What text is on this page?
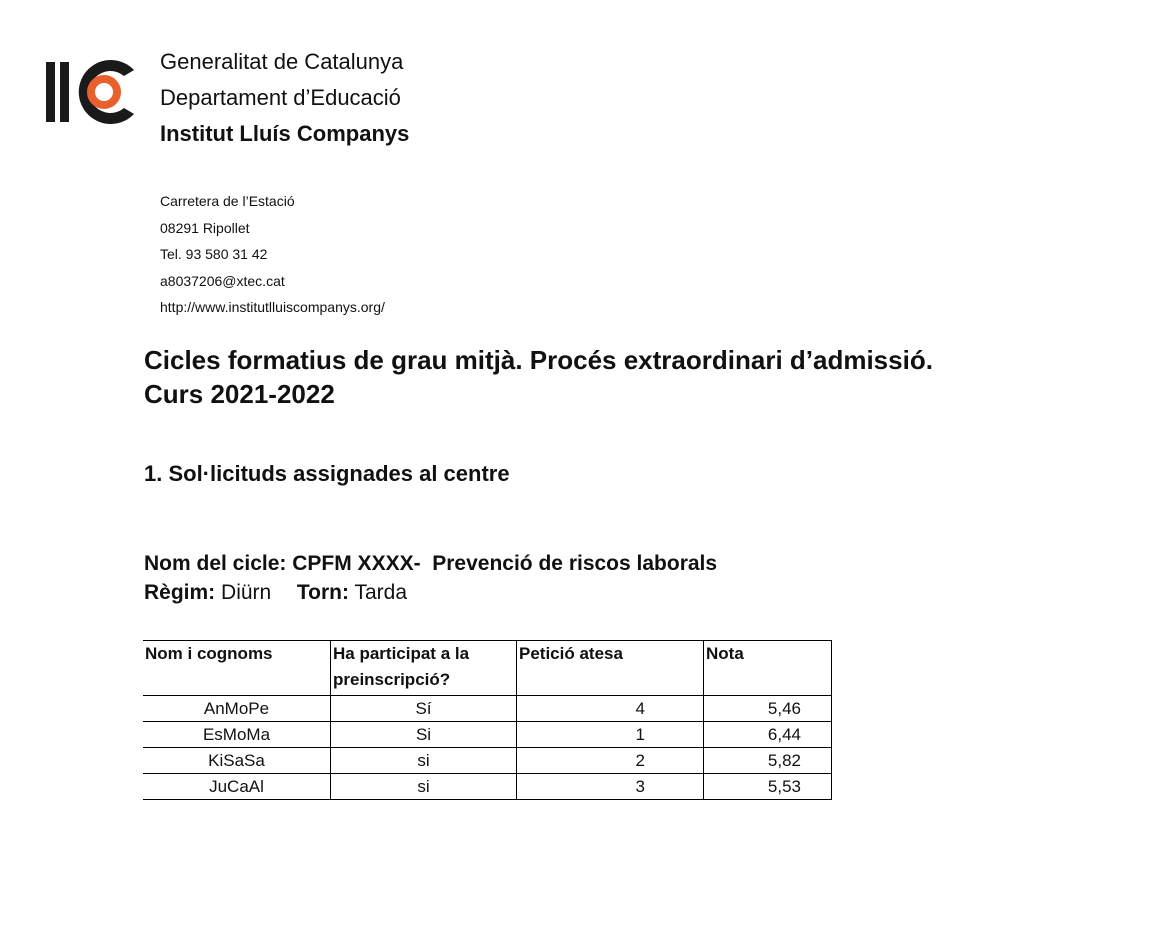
Generalitat de Catalunya
Departament d’Educació
Institut Lluís Companys
Carretera de l’Estació
08291 Ripollet
Tel. 93 580 31 42
a8037206@xtec.cat
http://www.institutlluiscompanys.org/
Cicles formatius de grau mitjà. Procés extraordinari d’admissió.
Curs 2021-2022
1. Sol·licituds assignades al centre
Nom del cicle: CPFM XXXX-  Prevenció de riscos laborals
Règim: Diürn Torn: Tarda
Nom i cognoms	Ha participat a la preinscripció?	Petició atesa	Nota
AnMoPe	Sí	4	5,46
EsMoMa	Si	1	6,44
KiSaSa	si	2	5,82
JuCaAl	si	3	5,53
